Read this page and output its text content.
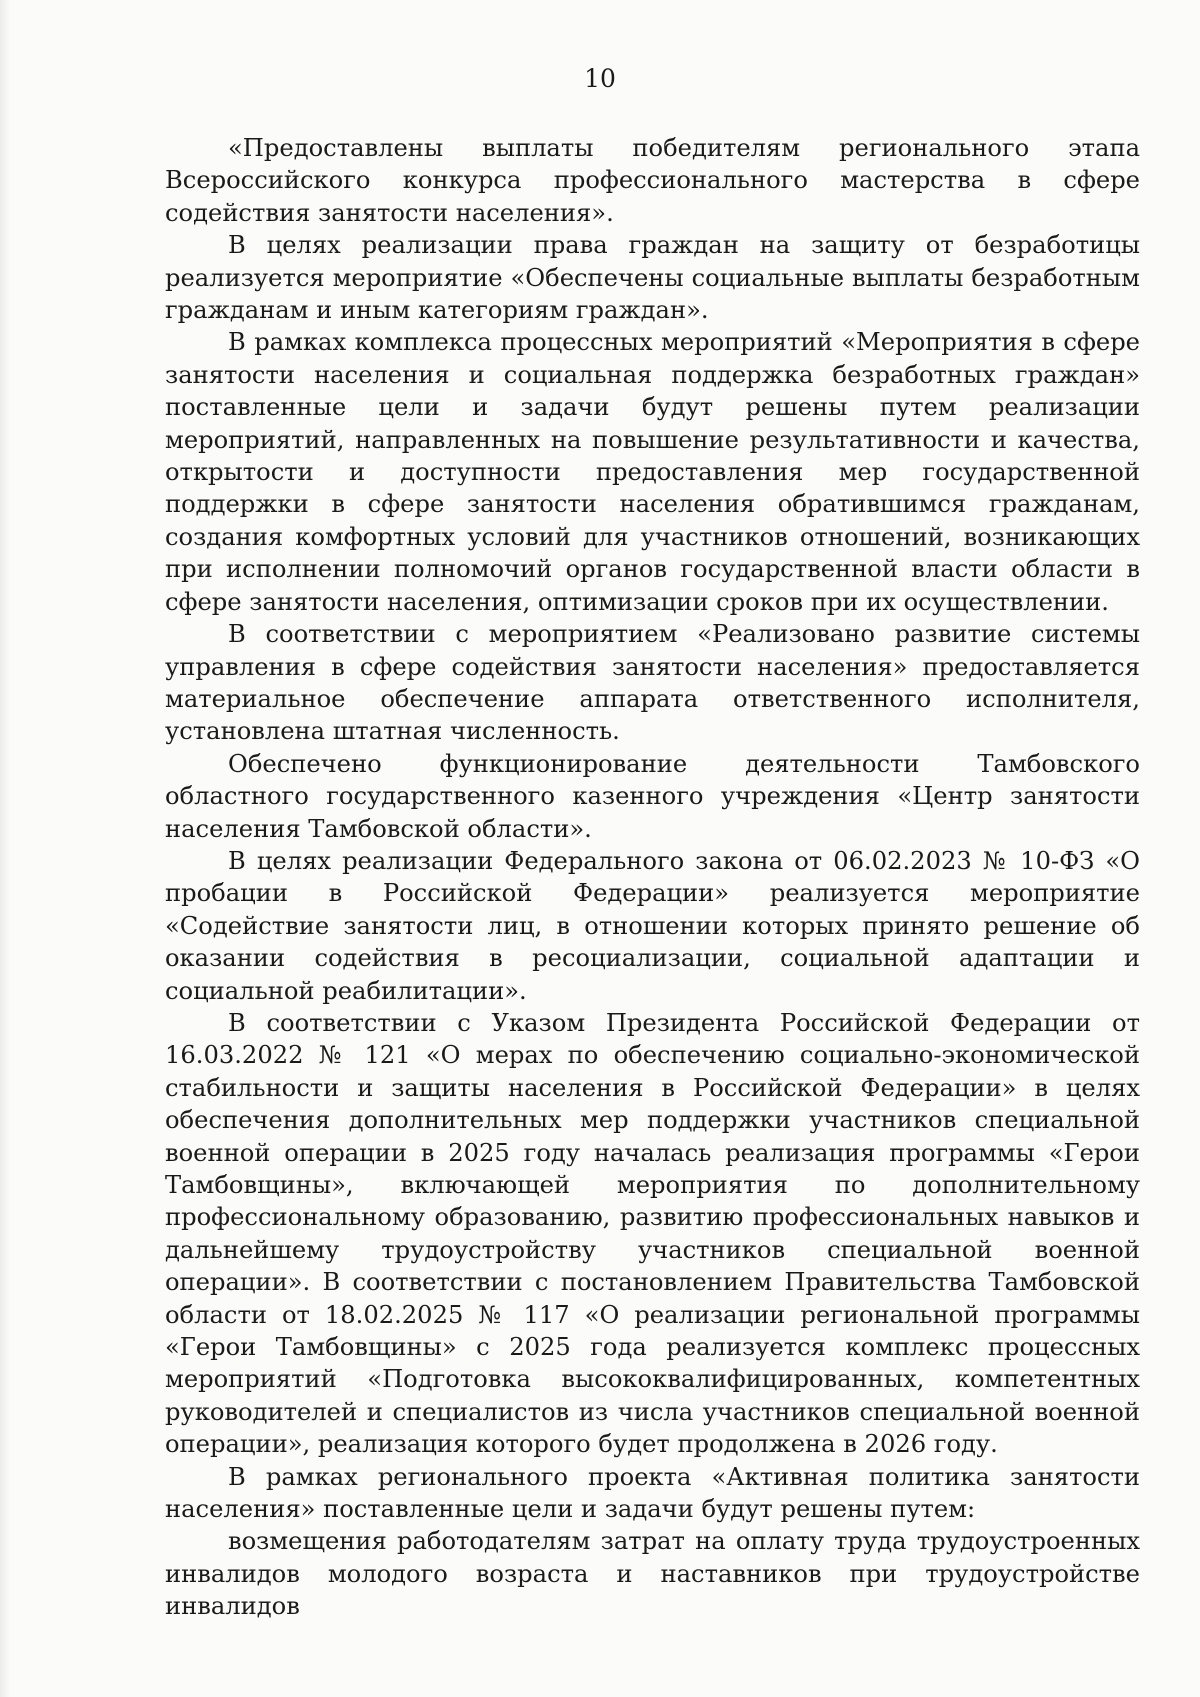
10

«Предоставлены выплаты победителям регионального этапа Всероссийского конкурса профессионального мастерства в сфере содействия занятости населения».

В целях реализации права граждан на защиту от безработицы реализуется мероприятие «Обеспечены социальные выплаты безработным гражданам и иным категориям граждан».

В рамках комплекса процессных мероприятий «Мероприятия в сфере занятости населения и социальная поддержка безработных граждан» поставленные цели и задачи будут решены путем реализации мероприятий, направленных на повышение результативности и качества, открытости и доступности предоставления мер государственной поддержки в сфере занятости населения обратившимся гражданам, создания комфортных условий для участников отношений, возникающих при исполнении полномочий органов государственной власти области в сфере занятости населения, оптимизации сроков при их осуществлении.

В соответствии с мероприятием «Реализовано развитие системы управления в сфере содействия занятости населения» предоставляется материальное обеспечение аппарата ответственного исполнителя, установлена штатная численность.

Обеспечено функционирование деятельности Тамбовского областного государственного казенного учреждения «Центр занятости населения Тамбовской области».

В целях реализации Федерального закона от 06.02.2023 № 10-ФЗ «О пробации в Российской Федерации» реализуется мероприятие «Содействие занятости лиц, в отношении которых принято решение об оказании содействия в ресоциализации, социальной адаптации и социальной реабилитации».

В соответствии с Указом Президента Российской Федерации от 16.03.2022 № 121 «О мерах по обеспечению социально-экономической стабильности и защиты населения в Российской Федерации» в целях обеспечения дополнительных мер поддержки участников специальной военной операции в 2025 году началась реализация программы «Герои Тамбовщины», включающей мероприятия по дополнительному профессиональному образованию, развитию профессиональных навыков и дальнейшему трудоустройству участников специальной военной операции». В соответствии с постановлением Правительства Тамбовской области от 18.02.2025 № 117 «О реализации региональной программы «Герои Тамбовщины» с 2025 года реализуется комплекс процессных мероприятий «Подготовка высококвалифицированных, компетентных руководителей и специалистов из числа участников специальной военной операции», реализация которого будет продолжена в 2026 году.

В рамках регионального проекта «Активная политика занятости населения» поставленные цели и задачи будут решены путем:

возмещения работодателям затрат на оплату труда трудоустроенных инвалидов молодого возраста и наставников при трудоустройстве инвалидов
